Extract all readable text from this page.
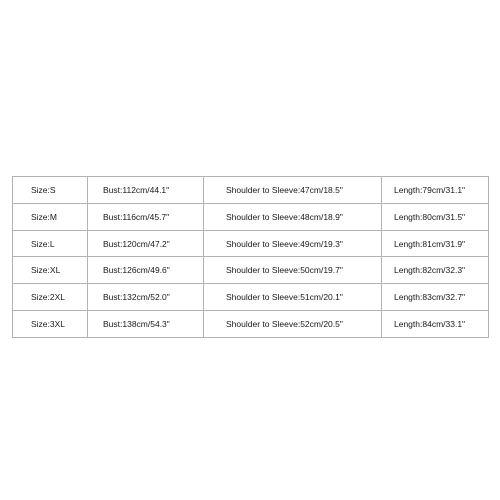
Size:S	Bust:112cm/44.1"	Shoulder to Sleeve:47cm/18.5"	Length:79cm/31.1"
Size:M	Bust:116cm/45.7"	Shoulder to Sleeve:48cm/18.9"	Length:80cm/31.5"
Size:L	Bust:120cm/47.2"	Shoulder to Sleeve:49cm/19.3"	Length:81cm/31.9"
Size:XL	Bust:126cm/49.6"	Shoulder to Sleeve:50cm/19.7"	Length:82cm/32.3"
Size:2XL	Bust:132cm/52.0"	Shoulder to Sleeve:51cm/20.1"	Length:83cm/32.7"
Size:3XL	Bust:138cm/54.3"	Shoulder to Sleeve:52cm/20.5"	Length:84cm/33.1"
